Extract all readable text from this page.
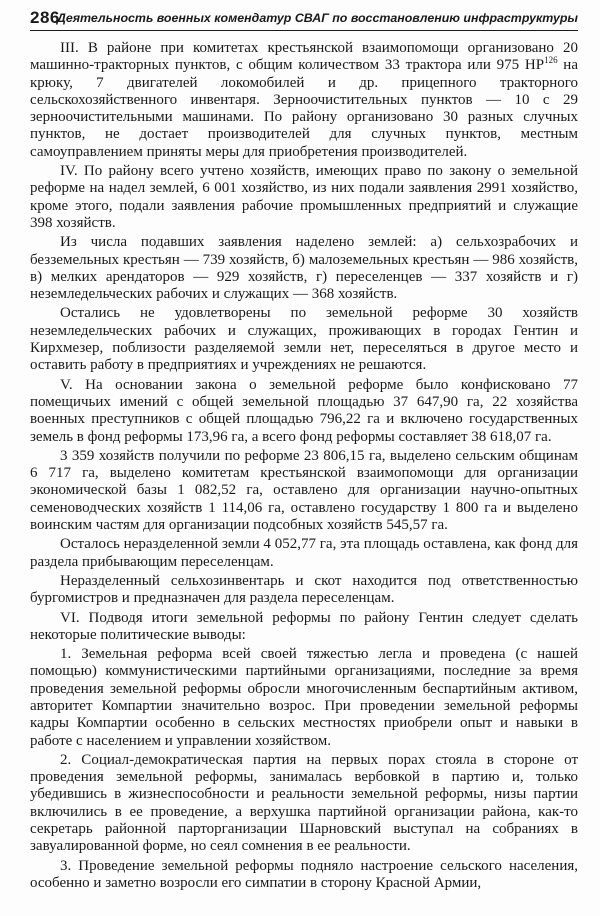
286
Деятельность военных комендатур СВАГ по восстановлению инфраструктуры

III. В районе при комитетах крестьянской взаимопомощи организовано 20 машинно-тракторных пунктов, с общим количеством 33 трактора или 975 НР$^{126}$ на крюку, 7 двигателей локомобилей и др. прицепного тракторного сельскохозяйственного инвентаря. Зерноочистительных пунктов — 10 с 29 зерноочистительными машинами. По району организовано 30 разных случных пунктов, не достает производителей для случных пунктов, местным самоуправлением приняты меры для приобретения производителей.

IV. По району всего учтено хозяйств, имеющих право по закону о земельной реформе на надел землей, 6 001 хозяйство, из них подали заявления 2991 хозяйство, кроме этого, подали заявления рабочие промышленных предприятий и служащие 398 хозяйств.

Из числа подавших заявления наделено землей: а) сельхозрабочих и безземельных крестьян — 739 хозяйств, б) малоземельных крестьян — 986 хозяйств, в) мелких арендаторов — 929 хозяйств, г) переселенцев — 337 хозяйств и г) неземледельческих рабочих и служащих — 368 хозяйств.

Остались не удовлетворены по земельной реформе 30 хозяйств неземледельческих рабочих и служащих, проживающих в городах Гентин и Кирхмезер, поблизости разделяемой земли нет, переселяться в другое место и оставить работу в предприятиях и учреждениях не решаются.

V. На основании закона о земельной реформе было конфисковано 77 помещичьих имений с общей земельной площадью 37 647,90 га, 22 хозяйства военных преступников с общей площадью 796,22 га и включено государственных земель в фонд реформы 173,96 га, а всего фонд реформы составляет 38 618,07 га.

3 359 хозяйств получили по реформе 23 806,15 га, выделено сельским общинам 6 717 га, выделено комитетам крестьянской взаимопомощи для организации экономической базы 1 082,52 га, оставлено для организации научно-опытных семеноводческих хозяйств 1 114,06 га, оставлено государству 1 800 га и выделено воинским частям для организации подсобных хозяйств 545,57 га.

Осталось неразделенной земли 4 052,77 га, эта площадь оставлена, как фонд для раздела прибывающим переселенцам.

Неразделенный сельхозинвентарь и скот находится под ответственностью бургомистров и предназначен для раздела переселенцам.

VI. Подводя итоги земельной реформы по району Гентин следует сделать некоторые политические выводы:

1. Земельная реформа всей своей тяжестью легла и проведена (с нашей помощью) коммунистическими партийными организациями, последние за время проведения земельной реформы обросли многочисленным беспартийным активом, авторитет Компартии значительно возрос. При проведении земельной реформы кадры Компартии особенно в сельских местностях приобрели опыт и навыки в работе с населением и управлении хозяйством.

2. Социал-демократическая партия на первых порах стояла в стороне от проведения земельной реформы, занималась вербовкой в партию и, только убедившись в жизнеспособности и реальности земельной реформы, низы партии включились в ее проведение, а верхушка партийной организации района, как-то секретарь районной парторганизации Шарновский выступал на собраниях в завуалированной форме, но сеял сомнения в ее реальности.

3. Проведение земельной реформы подняло настроение сельского населения, особенно и заметно возросли его симпатии в сторону Красной Армии,
